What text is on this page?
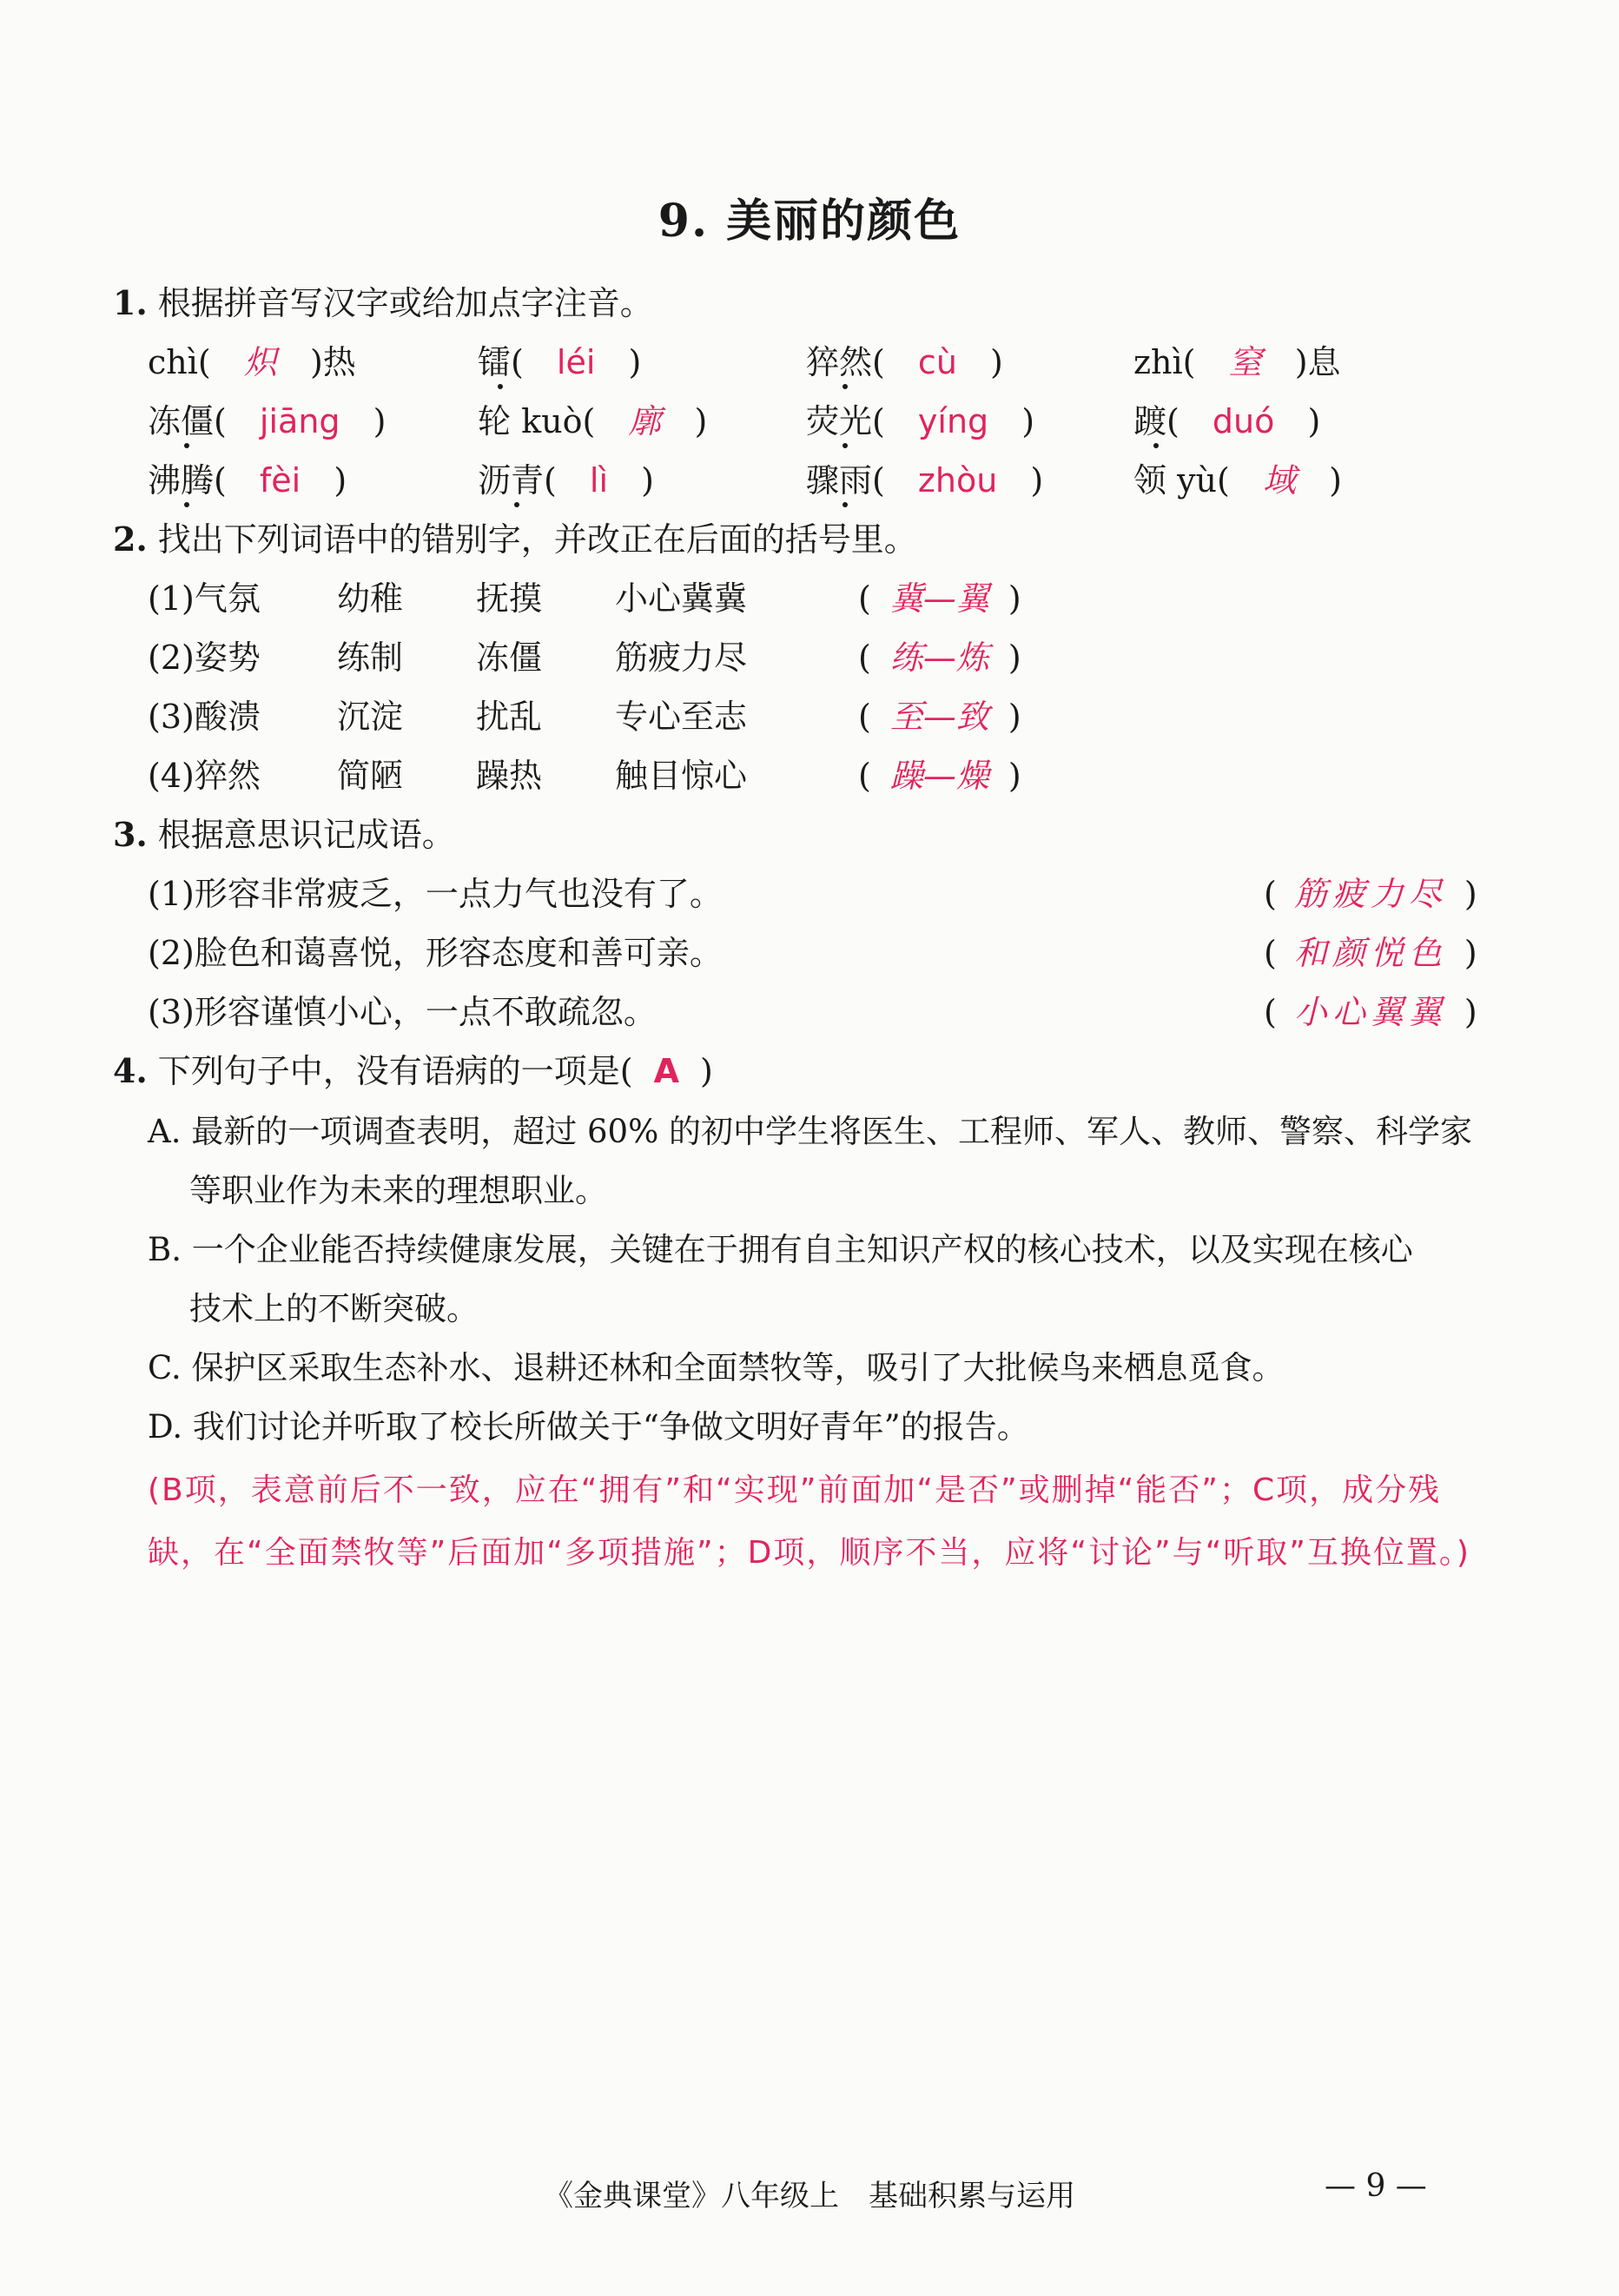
9. 美丽的颜色
1. 根据拼音写汉字或给加点字注音。
chì( 炽 )热	镭( léi )	猝然( cù )	zhì( 窒 )息
冻僵( jiāng )	轮 kuò( 廓 )	荧光( yíng )	踱( duó )
沸腾( fèi )	沥青( lì )	骤雨( zhòu )	领 yù( 域 )
2. 找出下列词语中的错别字，并改正在后面的括号里。
(1)气氛 幼稚 抚摸 小心冀冀	( 冀—翼 )
(2)姿势 练制 冻僵 筋疲力尽	( 练—炼 )
(3)酸溃 沉淀 扰乱 专心至志	( 至—致 )
(4)猝然 简陋 躁热 触目惊心	( 躁—燥 )
3. 根据意思识记成语。
(1)形容非常疲乏，一点力气也没有了。	( 筋疲力尽 )
(2)脸色和蔼喜悦，形容态度和善可亲。	( 和颜悦色 )
(3)形容谨慎小心，一点不敢疏忽。	( 小心翼翼 )
4. 下列句子中，没有语病的一项是( A )
A. 最新的一项调查表明，超过 60% 的初中学生将医生、工程师、军人、教师、警察、科学家
等职业作为未来的理想职业。
B. 一个企业能否持续健康发展，关键在于拥有自主知识产权的核心技术，以及实现在核心
技术上的不断突破。
C. 保护区采取生态补水、退耕还林和全面禁牧等，吸引了大批候鸟来栖息觅食。
D. 我们讨论并听取了校长所做关于“争做文明好青年”的报告。
(B项，表意前后不一致，应在“拥有”和“实现”前面加“是否”或删掉“能否”；C项，成分残缺，在“全面禁牧等”后面加“多项措施”；D项，顺序不当，应将“讨论”与“听取”互换位置。)
《金典课堂》八年级上　基础积累与运用	— 9 —
